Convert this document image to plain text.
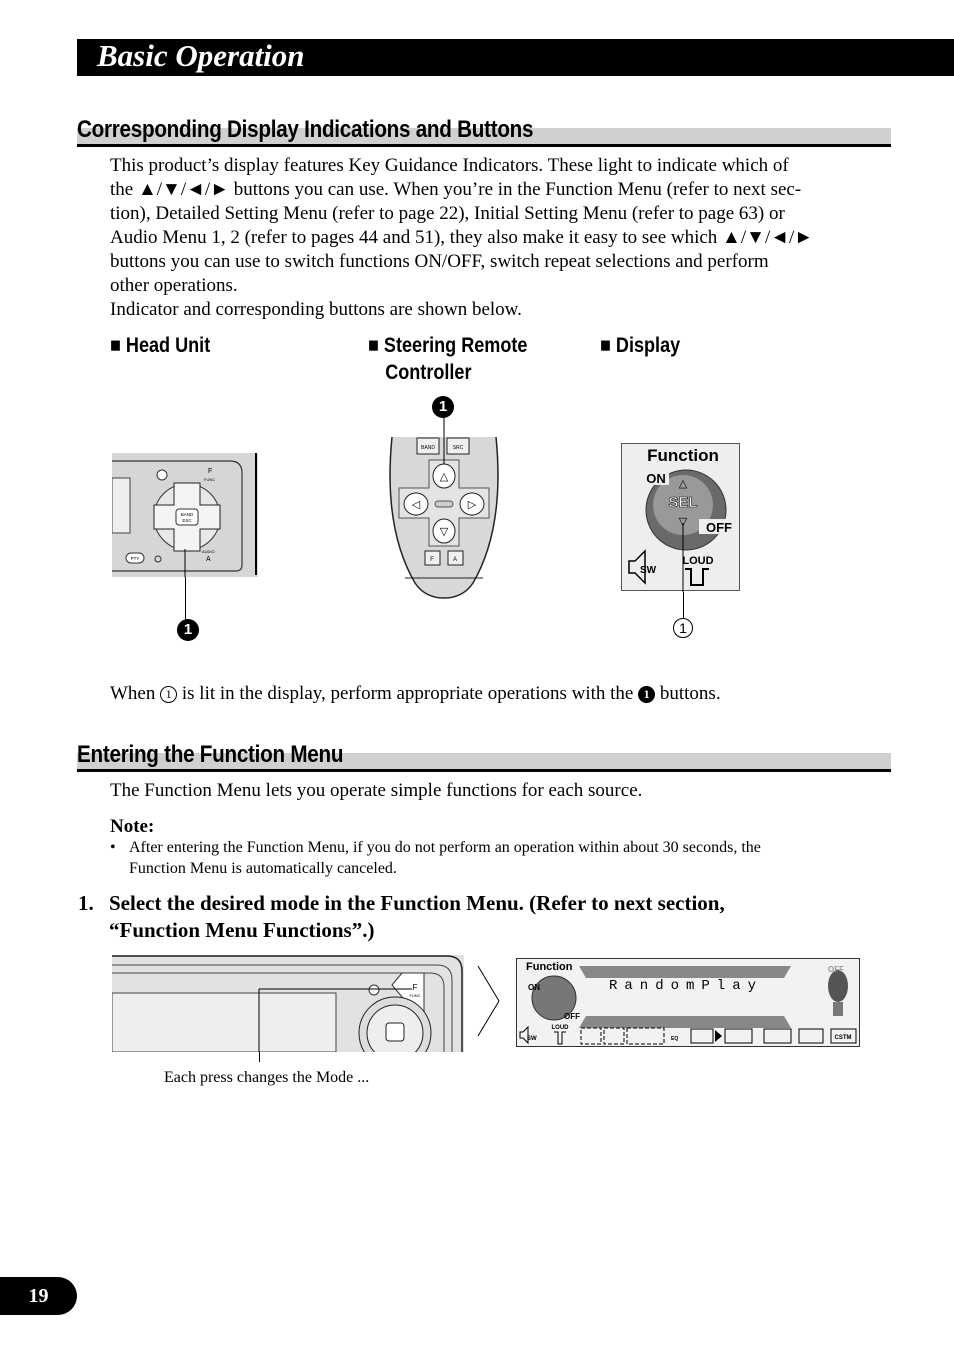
Basic Operation
Corresponding Display Indications and Buttons
This product’s display features Key Guidance Indicators. These light to indicate which of
the ▲/▼/◄/► buttons you can use. When you’re in the Function Menu (refer to next sec-
tion), Detailed Setting Menu (refer to page 22), Initial Setting Menu (refer to page 63) or
Audio Menu 1, 2 (refer to pages 44 and 51), they also make it easy to see which ▲/▼/◄/►
buttons you can use to switch functions ON/OFF, switch repeat selections and perform
other operations.
Indicator and corresponding buttons are shown below.
■ Head Unit	■ Steering Remote
Controller
■ Display
BAND
ESC
F
FUNC
AUDIO
A
PTY
1
1
BAND	SRC
△
▽
◁	▷
F	A
Function
ON
SEL
△
▽ OFF
SW
LOUD
1
When 1 is lit in the display, perform appropriate operations with the 1 buttons.
Entering the Function Menu
The Function Menu lets you operate simple functions for each source.
Note:
• After entering the Function Menu, if you do not perform an operation within about 30 seconds, the
Function Menu is automatically canceled.
1. Select the desired mode in the Function Menu. (Refer to next section,
“Function Menu Functions”.)
F
FUNC
Function
ON
OFF
RandomPlay
OFF
SW
LOUD
EQ	CSTM
Each press changes the Mode ...
19
